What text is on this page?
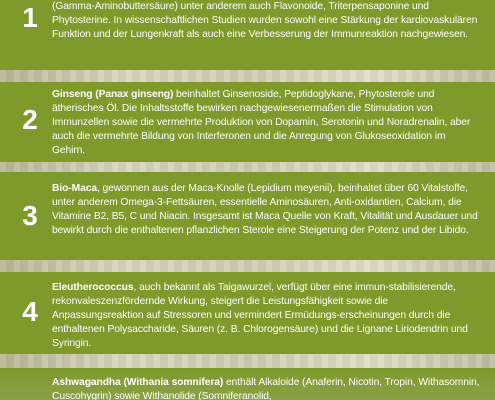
1	(Gamma-Aminobuttersäure) unter anderem auch Flavonoide, Triterpensaponine und Phytosterine. In wissenschaftlichen Studien wurden sowohl eine Stärkung der kardiovaskulären Funktion und der Lungenkraft als auch eine Verbesserung der Immunreaktion nachgewiesen.
2
Ginseng (Panax ginseng) beinhaltet Ginsenoside, Peptidoglykane, Phytosterole und ätherisches Öl. Die Inhaltsstoffe bewirken nachgewiesenermaßen die Stimulation von Immunzellen sowie die vermehrte Produktion von Dopamin, Serotonin und Noradrenalin, aber auch die vermehrte Bildung von Interferonen und die Anregung von Glukoseoxidation im Gehirn.
3
Bio-Maca, gewonnen aus der Maca-Knolle (Lepidium meyenii), beinhaltet über 60 Vitalstoffe, unter anderem Omega-3-Fettsäuren, essentielle Aminosäuren, Anti-oxidantien, Calcium, die Vitamine B2, B5, C und Niacin. Insgesamt ist Maca Quelle von Kraft, Vitalität und Ausdauer und bewirkt durch die enthaltenen pflanzlichen Sterole eine Steigerung der Potenz und der Libido.
4
Eleutherococcus, auch bekannt als Taigawurzel, verfügt über eine immun-stabilisierende, rekonvaleszenzfördernde Wirkung, steigert die Leistungsfähigkeit sowie die Anpassungsreaktion auf Stressoren und vermindert Ermüdungs-erscheinungen durch die enthaltenen Polysaccharide, Säuren (z. B. Chlorogensäure) und die Lignane Liriodendrin und Syringin.
Ashwagandha (Withania somnifera) enthält Alkaloide (Anaferin, Nicotin, Tropin, Withasomnin, Cuscohygrin) sowie Withanolide (Somniferanolid,
